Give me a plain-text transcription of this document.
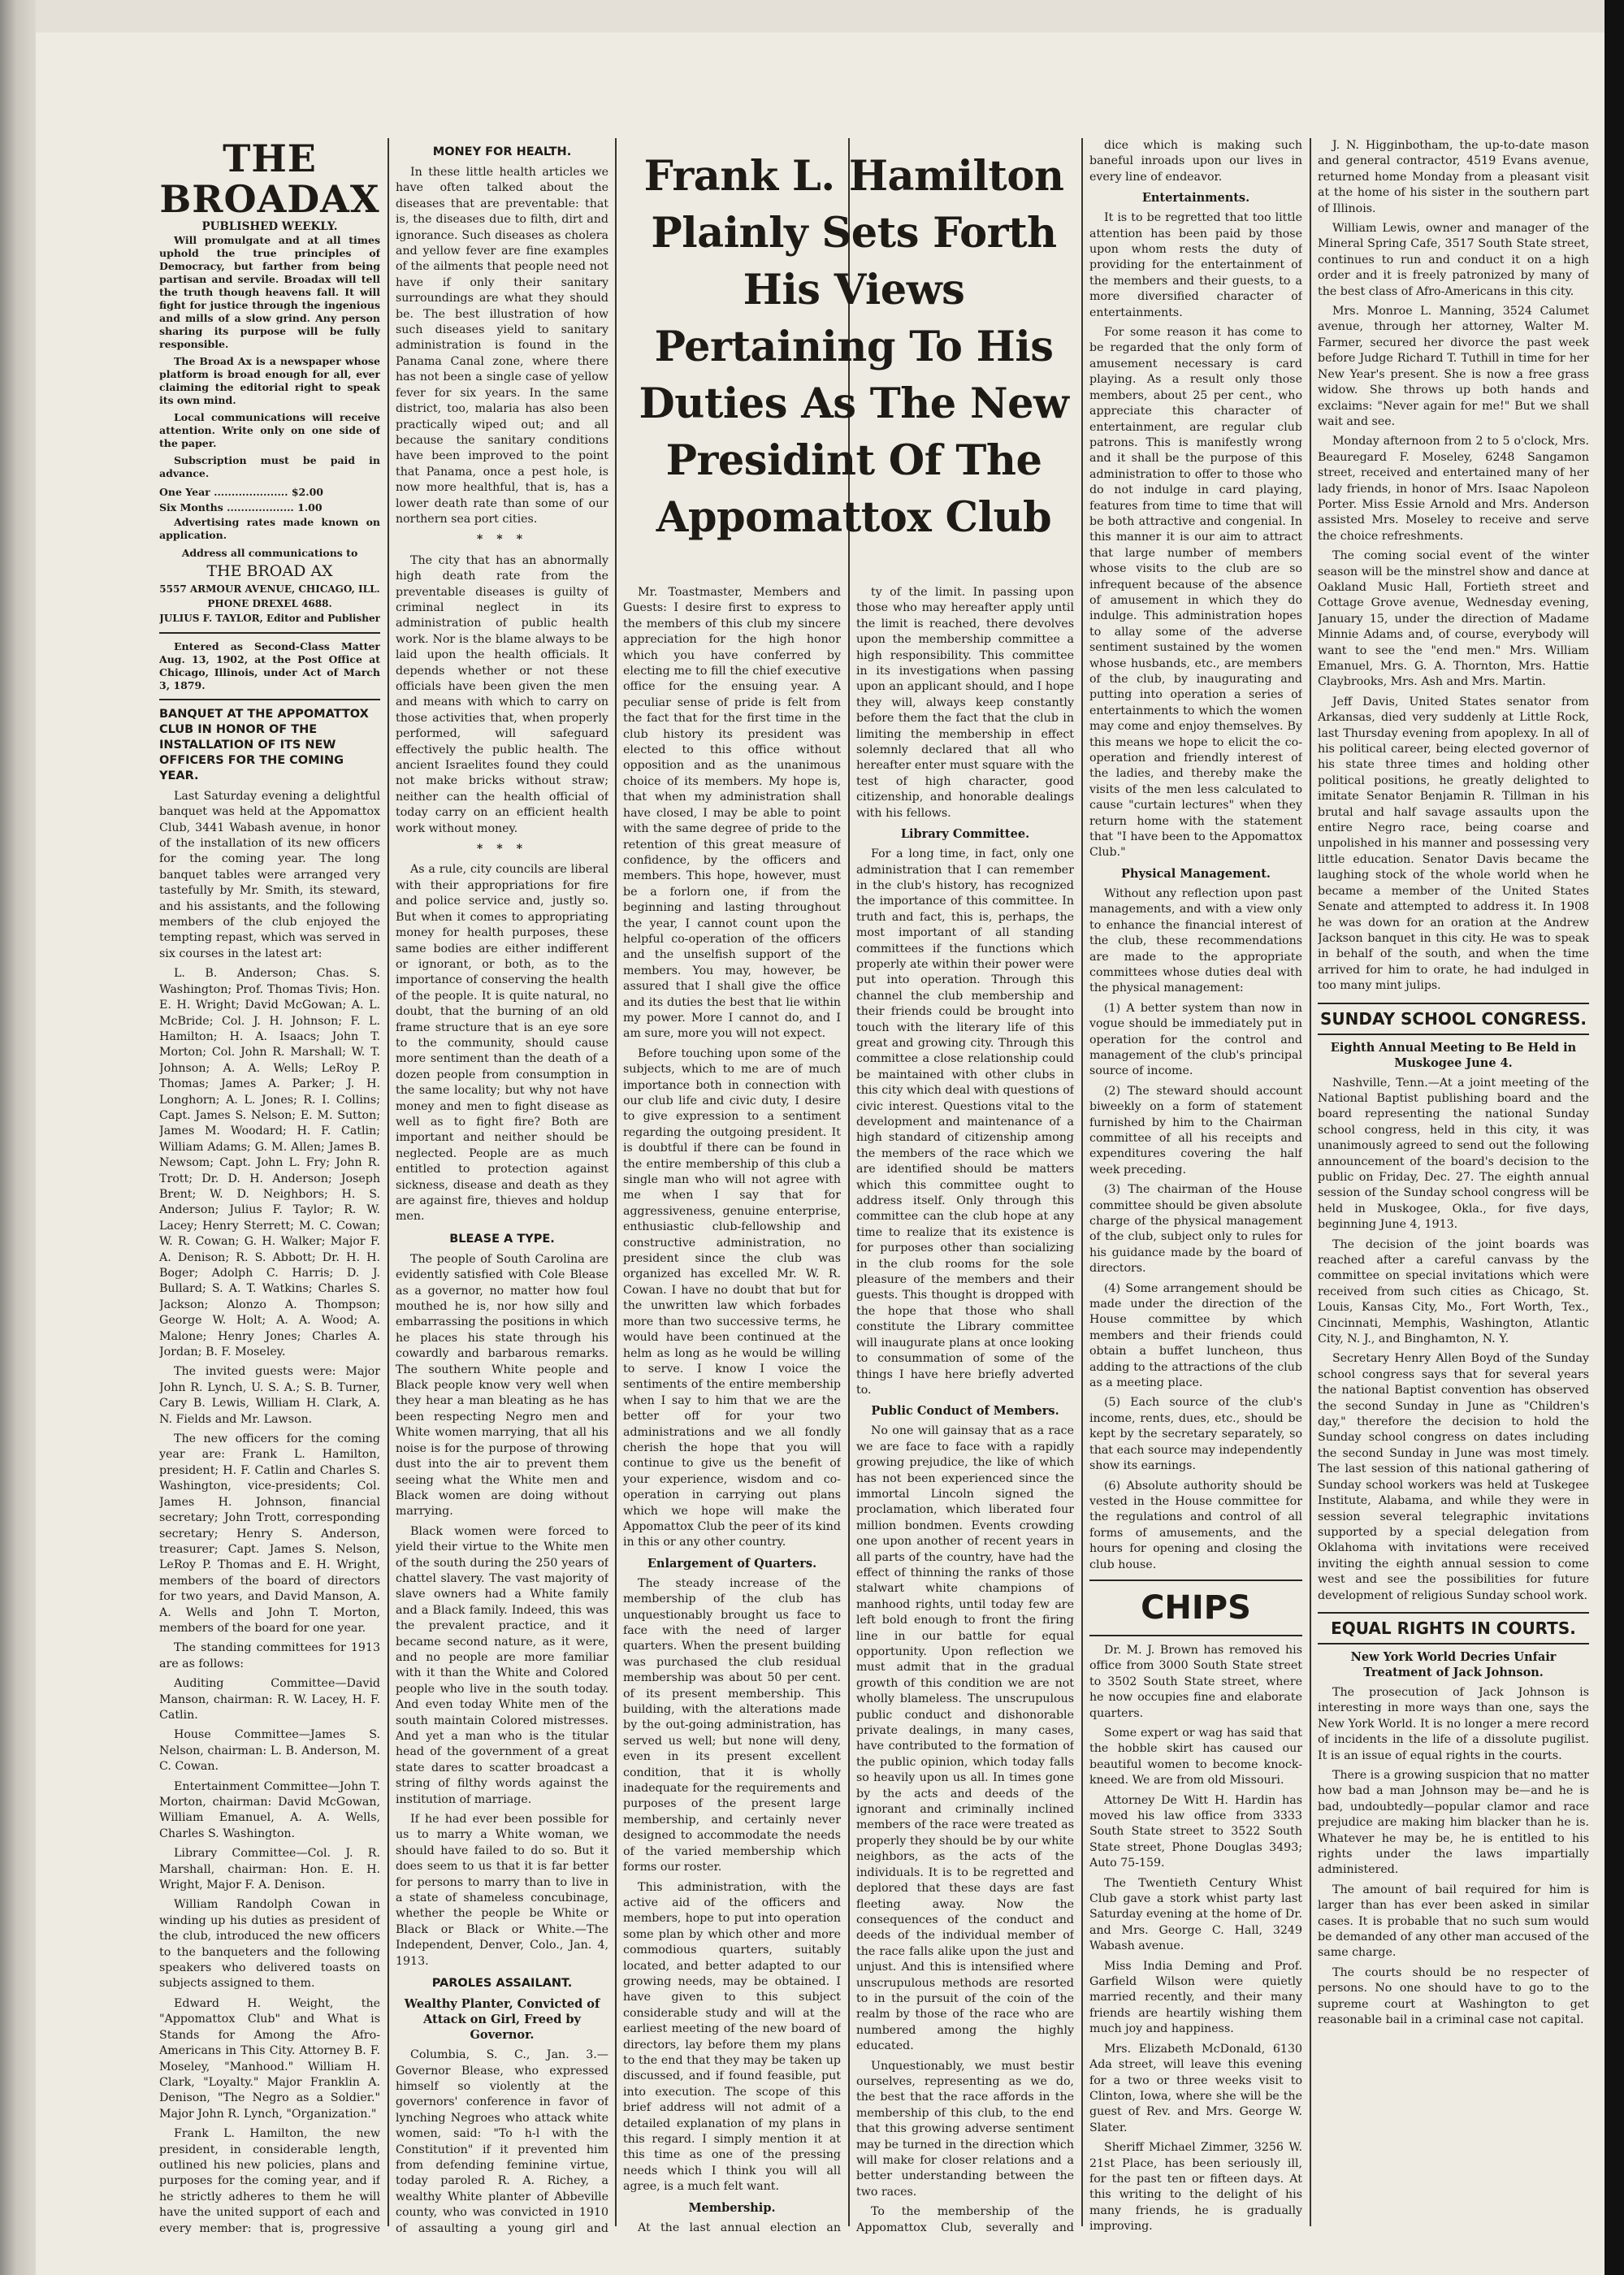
THE BROADAX
PUBLISHED WEEKLY.

Will promulgate and at all times uphold the true principles of Democracy, but farther from being partisan and servile. Broadax will tell the truth though heavens fall. It will fight for justice through the ingenious and mills of a slow grind. Any person sharing its purpose will be fully responsible.

The Broad Ax is a newspaper whose platform is broad enough for all, ever claiming the editorial right to speak its own mind.

Local communications will receive attention. Write only on one side of the paper.

Subscription must be paid in advance.

One Year ..................... $2.00
Six Months ................... 1.00

Advertising rates made known on application.

Address all communications to
THE BROAD AX
5557 ARMOUR AVENUE, CHICAGO, ILL.
PHONE DREXEL 4688.
JULIUS F. TAYLOR, Editor and Publisher

Entered as Second-Class Matter Aug. 13, 1902, at the Post Office at Chicago, Illinois, under Act of March 3, 1879.

BANQUET AT THE APPOMATTOX CLUB IN HONOR OF THE INSTALLATION OF ITS NEW OFFICERS FOR THE COMING YEAR.

Last Saturday evening a delightful banquet was held at the Appomattox Club, 3441 Wabash avenue, in honor of the installation of its new officers for the coming year. The long banquet tables were arranged very tastefully by Mr. Smith, its steward, and his assistants, and the following members of the club enjoyed the tempting repast, which was served in six courses in the latest art:

L. B. Anderson; Chas. S. Washington; Prof. Thomas Tivis; Hon. E. H. Wright; David McGowan; A. L. McBride; Col. J. H. Johnson; F. L. Hamilton; H. A. Isaacs; John T. Morton; Col. John R. Marshall; W. T. Johnson; A. A. Wells; LeRoy P. Thomas; James A. Parker; J. H. Longhorn; A. L. Jones; R. I. Collins; Capt. James S. Nelson; E. M. Sutton; James M. Woodard; H. F. Catlin; William Adams; G. M. Allen; James B. Newsom; Capt. John L. Fry; John R. Trott; Dr. D. H. Anderson; Joseph Brent; W. D. Neighbors; H. S. Anderson; Julius F. Taylor; R. W. Lacey; Henry Sterrett; M. C. Cowan; W. R. Cowan; G. H. Walker; Major F. A. Denison; R. S. Abbott; Dr. H. H. Boger; Adolph C. Harris; D. J. Bullard; S. A. T. Watkins; Charles S. Jackson; Alonzo A. Thompson; George W. Holt; A. A. Wood; A. Malone; Henry Jones; Charles A. Jordan; B. F. Moseley.

The invited guests were: Major John R. Lynch, U. S. A.; S. B. Turner, Cary B. Lewis, William H. Clark, A. N. Fields and Mr. Lawson.

The new officers for the coming year are: Frank L. Hamilton, president; H. F. Catlin and Charles S. Washington, vice-presidents; Col. James H. Johnson, financial secretary; John Trott, corresponding secretary; Henry S. Anderson, treasurer; Capt. James S. Nelson, LeRoy P. Thomas and E. H. Wright, members of the board of directors for two years, and David Manson, A. A. Wells and John T. Morton, members of the board for one year.

The standing committees for 1913 are as follows:

Auditing Committee—David Manson, chairman: R. W. Lacey, H. F. Catlin.

House Committee—James S. Nelson, chairman: L. B. Anderson, M. C. Cowan.

Entertainment Committee—John T. Morton, chairman: David McGowan, William Emanuel, A. A. Wells, Charles S. Washington.

Library Committee—Col. J. R. Marshall, chairman: Hon. E. H. Wright, Major F. A. Denison.

William Randolph Cowan in winding up his duties as president of the club, introduced the new officers to the banqueters and the following speakers who delivered toasts on subjects assigned to them.

Edward H. Weight, the "Appomattox Club" and What is Stands for Among the Afro-Americans in This City. Attorney B. F. Moseley, "Manhood." William H. Clark, "Loyalty." Major Franklin A. Denison, "The Negro as a Soldier." Major John R. Lynch, "Organization."

Frank L. Hamilton, the new president, in considerable length, outlined his new policies, plans and purposes for the coming year, and if he strictly adheres to them he will have the united support of each and every member: that is, progressive

MONEY FOR HEALTH.

In these little health articles we have often talked about the diseases that are preventable: that is, the diseases due to filth, dirt and ignorance. Such diseases as cholera and yellow fever are fine examples of the ailments that people need not have if only their sanitary surroundings are what they should be. The best illustration of how such diseases yield to sanitary administration is found in the Panama Canal zone, where there has not been a single case of yellow fever for six years. In the same district, too, malaria has also been practically wiped out; and all because the sanitary conditions have been improved to the point that Panama, once a pest hole, is now more healthful, that is, has a lower death rate than some of our northern sea port cities.

* * *

The city that has an abnormally high death rate from the preventable diseases is guilty of criminal neglect in its administration of public health work. Nor is the blame always to be laid upon the health officials. It depends whether or not these officials have been given the men and means with which to carry on those activities that, when properly performed, will safeguard effectively the public health. The ancient Israelites found they could not make bricks without straw; neither can the health official of today carry on an efficient health work without money.

* * *

As a rule, city councils are liberal with their appropriations for fire and police service and, justly so. But when it comes to appropriating money for health purposes, these same bodies are either indifferent or ignorant, or both, as to the importance of conserving the health of the people. It is quite natural, no doubt, that the burning of an old frame structure that is an eye sore to the community, should cause more sentiment than the death of a dozen people from consumption in the same locality; but why not have money and men to fight disease as well as to fight fire? Both are important and neither should be neglected. People are as much entitled to protection against sickness, disease and death as they are against fire, thieves and holdup men.

BLEASE A TYPE.

The people of South Carolina are evidently satisfied with Cole Blease as a governor, no matter how foul mouthed he is, nor how silly and embarrassing the positions in which he places his state through his cowardly and barbarous remarks. The southern White people and Black people know very well when they hear a man bleating as he has been respecting Negro men and White women marrying, that all his noise is for the purpose of throwing dust into the air to prevent them seeing what the White men and Black women are doing without marrying.

Black women were forced to yield their virtue to the White men of the south during the 250 years of chattel slavery. The vast majority of slave owners had a White family and a Black family. Indeed, this was the prevalent practice, and it became second nature, as it were, and no people are more familiar with it than the White and Colored people who live in the south today. And even today White men of the south maintain Colored mistresses. And yet a man who is the titular head of the government of a great state dares to scatter broadcast a string of filthy words against the institution of marriage.

If he had ever been possible for us to marry a White woman, we should have failed to do so. But it does seem to us that it is far better for persons to marry than to live in a state of shameless concubinage, whether the people be White or Black or Black or White.—The Independent, Denver, Colo., Jan. 4, 1913.

PAROLES ASSAILANT.
Wealthy Planter, Convicted of Attack on Girl, Freed by Governor.

Columbia, S. C., Jan. 3.—Governor Blease, who expressed himself so violently at the governors' conference in favor of lynching Negroes who attack white women, said: "To h-l with the Constitution" if it prevented him from defending feminine virtue, today paroled R. A. Richey, a wealthy White planter of Abbeville county, who was convicted in 1910 of assaulting a young girl and

Frank L. Hamilton Plainly Sets Forth His Views Pertaining To His Duties As The New Presidint Of The Appomattox Club

Mr. Toastmaster, Members and Guests: I desire first to express to the members of this club my sincere appreciation for the high honor which you have conferred by electing me to fill the chief executive office for the ensuing year. A peculiar sense of pride is felt from the fact that for the first time in the club history its president was elected to this office without opposition and as the unanimous choice of its members. My hope is, that when my administration shall have closed, I may be able to point with the same degree of pride to the retention of this great measure of confidence, by the officers and members. This hope, however, must be a forlorn one, if from the beginning and lasting throughout the year, I cannot count upon the helpful co-operation of the officers and the unselfish support of the members. You may, however, be assured that I shall give the office and its duties the best that lie within my power. More I cannot do, and I am sure, more you will not expect.

Before touching upon some of the subjects, which to me are of much importance both in connection with our club life and civic duty, I desire to give expression to a sentiment regarding the outgoing president. It is doubtful if there can be found in the entire membership of this club a single man who will not agree with me when I say that for aggressiveness, genuine enterprise, enthusiastic club-fellowship and constructive administration, no president since the club was organized has excelled Mr. W. R. Cowan. I have no doubt that but for the unwritten law which forbades more than two successive terms, he would have been continued at the helm as long as he would be willing to serve. I know I voice the sentiments of the entire membership when I say to him that we are the better off for your two administrations and we all fondly cherish the hope that you will continue to give us the benefit of your experience, wisdom and co-operation in carrying out plans which we hope will make the Appomattox Club the peer of its kind in this or any other country.

Enlargement of Quarters.

The steady increase of the membership of the club has unquestionably brought us face to face with the need of larger quarters. When the present building was purchased the club residual membership was about 50 per cent. of its present membership. This building, with the alterations made by the out-going administration, has served us well; but none will deny, even in its present excellent condition, that it is wholly inadequate for the requirements and purposes of the present large membership, and certainly never designed to accommodate the needs of the varied membership which forms our roster.

This administration, with the active aid of the officers and members, hope to put into operation some plan by which other and more commodious quarters, suitably located, and better adapted to our growing needs, may be obtained. I have given to this subject considerable study and will at the earliest meeting of the new board of directors, lay before them my plans to the end that they may be taken up discussed, and if found feasible, put into execution. The scope of this brief address will not admit of a detailed explanation of my plans in this regard. I simply mention it at this time as one of the pressing needs which I think you will all agree, is a much felt want.

Membership.

At the last annual election an

ty of the limit. In passing upon those who may hereafter apply until the limit is reached, there devolves upon the membership committee a high responsibility. This committee in its investigations when passing upon an applicant should, and I hope they will, always keep constantly before them the fact that the club in limiting the membership in effect solemnly declared that all who hereafter enter must square with the test of high character, good citizenship, and honorable dealings with his fellows.

Library Committee.

For a long time, in fact, only one administration that I can remember in the club's history, has recognized the importance of this committee. In truth and fact, this is, perhaps, the most important of all standing committees if the functions which properly ate within their power were put into operation. Through this channel the club membership and their friends could be brought into touch with the literary life of this great and growing city. Through this committee a close relationship could be maintained with other clubs in this city which deal with questions of civic interest. Questions vital to the development and maintenance of a high standard of citizenship among the members of the race which we are identified should be matters which this committee ought to address itself. Only through this committee can the club hope at any time to realize that its existence is for purposes other than socializing in the club rooms for the sole pleasure of the members and their guests. This thought is dropped with the hope that those who shall constitute the Library committee will inaugurate plans at once looking to consummation of some of the things I have here briefly adverted to.

Public Conduct of Members.

No one will gainsay that as a race we are face to face with a rapidly growing prejudice, the like of which has not been experienced since the immortal Lincoln signed the proclamation, which liberated four million bondmen. Events crowding one upon another of recent years in all parts of the country, have had the effect of thinning the ranks of those stalwart white champions of manhood rights, until today few are left bold enough to front the firing line in our battle for equal opportunity. Upon reflection we must admit that in the gradual growth of this condition we are not wholly blameless. The unscrupulous public conduct and dishonorable private dealings, in many cases, have contributed to the formation of the public opinion, which today falls so heavily upon us all. In times gone by the acts and deeds of the ignorant and criminally inclined members of the race were treated as properly they should be by our white neighbors, as the acts of the individuals. It is to be regretted and deplored that these days are fast fleeting away. Now the consequences of the conduct and deeds of the individual member of the race falls alike upon the just and unjust. And this is intensified where unscrupulous methods are resorted to in the pursuit of the coin of the realm by those of the race who are numbered among the highly educated.

Unquestionably, we must bestir ourselves, representing as we do, the best that the race affords in the membership of this club, to the end that this growing adverse sentiment may be turned in the direction which will make for closer relations and a better understanding between the two races.

To the membership of the Appomattox Club, severally and

dice which is making such baneful inroads upon our lives in every line of endeavor.

Entertainments.

It is to be regretted that too little attention has been paid by those upon whom rests the duty of providing for the entertainment of the members and their guests, to a more diversified character of entertainments.

For some reason it has come to be regarded that the only form of amusement necessary is card playing. As a result only those members, about 25 per cent., who appreciate this character of entertainment, are regular club patrons. This is manifestly wrong and it shall be the purpose of this administration to offer to those who do not indulge in card playing, features from time to time that will be both attractive and congenial. In this manner it is our aim to attract that large number of members whose visits to the club are so infrequent because of the absence of amusement in which they do indulge. This administration hopes to allay some of the adverse sentiment sustained by the women whose husbands, etc., are members of the club, by inaugurating and putting into operation a series of entertainments to which the women may come and enjoy themselves. By this means we hope to elicit the co-operation and friendly interest of the ladies, and thereby make the visits of the men less calculated to cause "curtain lectures" when they return home with the statement that "I have been to the Appomattox Club."

Physical Management.

Without any reflection upon past managements, and with a view only to enhance the financial interest of the club, these recommendations are made to the appropriate committees whose duties deal with the physical management:

(1) A better system than now in vogue should be immediately put in operation for the control and management of the club's principal source of income.

(2) The steward should account biweekly on a form of statement furnished by him to the Chairman committee of all his receipts and expenditures covering the half week preceding.

(3) The chairman of the House committee should be given absolute charge of the physical management of the club, subject only to rules for his guidance made by the board of directors.

(4) Some arrangement should be made under the direction of the House committee by which members and their friends could obtain a buffet luncheon, thus adding to the attractions of the club as a meeting place.

(5) Each source of the club's income, rents, dues, etc., should be kept by the secretary separately, so that each source may independently show its earnings.

(6) Absolute authority should be vested in the House committee for the regulations and control of all forms of amusements, and the hours for opening and closing the club house.

CHIPS

Dr. M. J. Brown has removed his office from 3000 South State street to 3502 South State street, where he now occupies fine and elaborate quarters.

Some expert or wag has said that the hobble skirt has caused our beautiful women to become knock-kneed. We are from old Missouri.

Attorney De Witt H. Hardin has moved his law office from 3333 South State street to 3522 South State street, Phone Douglas 3493; Auto 75-159.

The Twentieth Century Whist Club gave a stork whist party last Saturday evening at the home of Dr. and Mrs. George C. Hall, 3249 Wabash avenue.

Miss India Deming and Prof. Garfield Wilson were quietly married recently, and their many friends are heartily wishing them much joy and happiness.

Mrs. Elizabeth McDonald, 6130 Ada street, will leave this evening for a two or three weeks visit to Clinton, Iowa, where she will be the guest of Rev. and Mrs. George W. Slater.

Sheriff Michael Zimmer, 3256 W. 21st Place, has been seriously ill, for the past ten or fifteen days. At this writing to the delight of his many friends, he is gradually improving.

J. N. Higginbotham, the up-to-date mason and general contractor, 4519 Evans avenue, returned home Monday from a pleasant visit at the home of his sister in the southern part of Illinois.

William Lewis, owner and manager of the Mineral Spring Cafe, 3517 South State street, continues to run and conduct it on a high order and it is freely patronized by many of the best class of Afro-Americans in this city.

Mrs. Monroe L. Manning, 3524 Calumet avenue, through her attorney, Walter M. Farmer, secured her divorce the past week before Judge Richard T. Tuthill in time for her New Year's present. She is now a free grass widow. She throws up both hands and exclaims: "Never again for me!" But we shall wait and see.

Monday afternoon from 2 to 5 o'clock, Mrs. Beauregard F. Moseley, 6248 Sangamon street, received and entertained many of her lady friends, in honor of Mrs. Isaac Napoleon Porter. Miss Essie Arnold and Mrs. Anderson assisted Mrs. Moseley to receive and serve the choice refreshments.

The coming social event of the winter season will be the minstrel show and dance at Oakland Music Hall, Fortieth street and Cottage Grove avenue, Wednesday evening, January 15, under the direction of Madame Minnie Adams and, of course, everybody will want to see the "end men." Mrs. William Emanuel, Mrs. G. A. Thornton, Mrs. Hattie Claybrooks, Mrs. Ash and Mrs. Martin.

Jeff Davis, United States senator from Arkansas, died very suddenly at Little Rock, last Thursday evening from apoplexy. In all of his political career, being elected governor of his state three times and holding other political positions, he greatly delighted to imitate Senator Benjamin R. Tillman in his brutal and half savage assaults upon the entire Negro race, being coarse and unpolished in his manner and possessing very little education. Senator Davis became the laughing stock of the whole world when he became a member of the United States Senate and attempted to address it. In 1908 he was down for an oration at the Andrew Jackson banquet in this city. He was to speak in behalf of the south, and when the time arrived for him to orate, he had indulged in too many mint julips.

SUNDAY SCHOOL CONGRESS.
Eighth Annual Meeting to Be Held in Muskogee June 4.

Nashville, Tenn.—At a joint meeting of the National Baptist publishing board and the board representing the national Sunday school congress, held in this city, it was unanimously agreed to send out the following announcement of the board's decision to the public on Friday, Dec. 27. The eighth annual session of the Sunday school congress will be held in Muskogee, Okla., for five days, beginning June 4, 1913.

The decision of the joint boards was reached after a careful canvass by the committee on special invitations which were received from such cities as Chicago, St. Louis, Kansas City, Mo., Fort Worth, Tex., Cincinnati, Memphis, Washington, Atlantic City, N. J., and Binghamton, N. Y.

Secretary Henry Allen Boyd of the Sunday school congress says that for several years the national Baptist convention has observed the second Sunday in June as "Children's day," therefore the decision to hold the Sunday school congress on dates including the second Sunday in June was most timely. The last session of this national gathering of Sunday school workers was held at Tuskegee Institute, Alabama, and while they were in session several telegraphic invitations supported by a special delegation from Oklahoma with invitations were received inviting the eighth annual session to come west and see the possibilities for future development of religious Sunday school work.

EQUAL RIGHTS IN COURTS.
New York World Decries Unfair Treatment of Jack Johnson.

The prosecution of Jack Johnson is interesting in more ways than one, says the New York World. It is no longer a mere record of incidents in the life of a dissolute pugilist. It is an issue of equal rights in the courts.

There is a growing suspicion that no matter how bad a man Johnson may be—and he is bad, undoubtedly—popular clamor and race prejudice are making him blacker than he is. Whatever he may be, he is entitled to his rights under the laws impartially administered.

The amount of bail required for him is larger than has ever been asked in similar cases. It is probable that no such sum would be demanded of any other man accused of the same charge.

The courts should be no respecter of persons. No one should have to go to the supreme court at Washington to get reasonable bail in a criminal case not capital.
